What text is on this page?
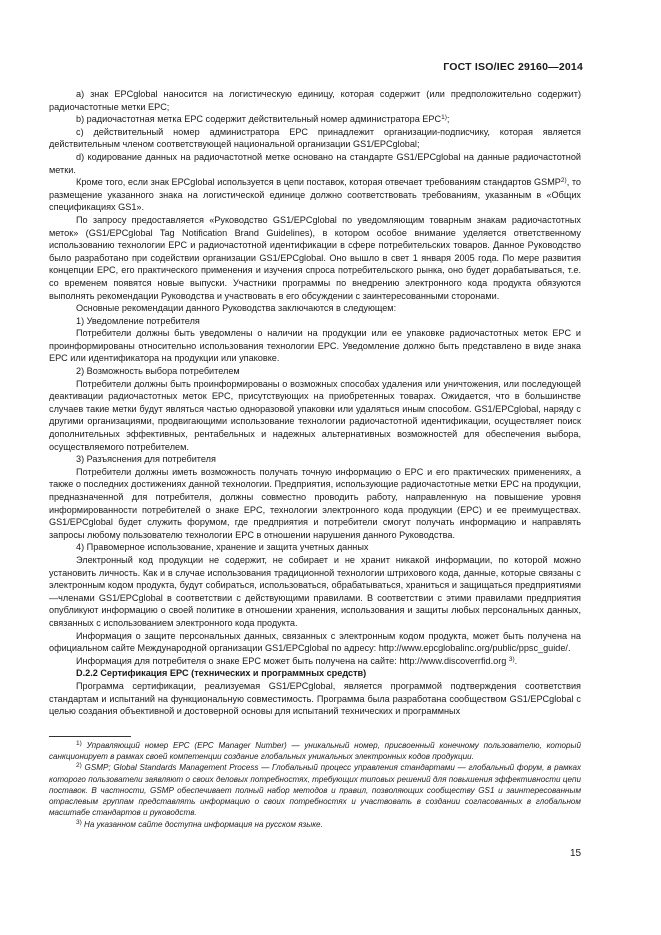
ГОСТ ISO/IEC 29160—2014

a) знак EPCglobal наносится на логистическую единицу, которая содержит (или предположительно содержит) радиочастотные метки EPC;

b) радиочастотная метка EPC содержит действительный номер администратора EPC$^{1)}$;

c) действительный номер администратора EPC принадлежит организации-подписчику, которая является действительным членом соответствующей национальной организации GS1/EPCglobal;

d) кодирование данных на радиочастотной метке основано на стандарте GS1/EPCglobal на данные радиочастотной метки.

Кроме того, если знак EPCglobal используется в цепи поставок, которая отвечает требованиям стандартов GSMP$^{2)}$, то размещение указанного знака на логистической единице должно соответствовать требованиям, указанным в «Общих спецификациях GS1».

По запросу предоставляется «Руководство GS1/EPCglobal по уведомляющим товарным знакам радиочастотных меток» (GS1/EPCglobal Tag Notification Brand Guidelines), в котором особое внимание уделяется ответственному использованию технологии EPC и радиочастотной идентификации в сфере потребительских товаров. Данное Руководство было разработано при содействии организации GS1/EPCglobal. Оно вышло в свет 1 января 2005 года. По мере развития концепции EPC, его практического применения и изучения спроса потребительского рынка, оно будет дорабатываться, т.е. со временем появятся новые выпуски. Участники программы по внедрению электронного кода продукта обязуются выполнять рекомендации Руководства и участвовать в его обсуждении с заинтересованными сторонами.

Основные рекомендации данного Руководства заключаются в следующем:

1) Уведомление потребителя

Потребители должны быть уведомлены о наличии на продукции или ее упаковке радиочастотных меток EPC и проинформированы относительно использования технологии EPC. Уведомление должно быть представлено в виде знака EPC или идентификатора на продукции или упаковке.

2) Возможность выбора потребителем

Потребители должны быть проинформированы о возможных способах удаления или уничтожения, или последующей деактивации радиочастотных меток EPC, присутствующих на приобретенных товарах. Ожидается, что в большинстве случаев такие метки будут являться частью одноразовой упаковки или удаляться иным способом. GS1/EPCglobal, наряду с другими организациями, продвигающими использование технологии радиочастотной идентификации, осуществляет поиск дополнительных эффективных, рентабельных и надежных альтернативных возможностей для обеспечения выбора, осуществляемого потребителем.

3) Разъяснения для потребителя

Потребители должны иметь возможность получать точную информацию о EPC и его практических применениях, а также о последних достижениях данной технологии. Предприятия, использующие радиочастотные метки EPC на продукции, предназначенной для потребителя, должны совместно проводить работу, направленную на повышение уровня информированности потребителей о знаке EPC, технологии электронного кода продукции (EPC) и ее преимуществах. GS1/EPCglobal будет служить форумом, где предприятия и потребители смогут получать информацию и направлять запросы любому пользователю технологии EPC в отношении нарушения данного Руководства.

4) Правомерное использование, хранение и защита учетных данных

Электронный код продукции не содержит, не собирает и не хранит никакой информации, по которой можно установить личность. Как и в случае использования традиционной технологии штрихового кода, данные, которые связаны с электронным кодом продукта, будут собираться, использоваться, обрабатываться, храниться и защищаться предприятиями—членами GS1/EPCglobal в соответствии с действующими правилами. В соответствии с этими правилами предприятия опубликуют информацию о своей политике в отношении хранения, использования и защиты любых персональных данных, связанных с использованием электронного кода продукта.

Информация о защите персональных данных, связанных с электронным кодом продукта, может быть получена на официальном сайте Международной организации GS1/EPCglobal по адресу: http://www.epcglobalinc.org/public/ppsc_guide/.

Информация для потребителя о знаке EPC может быть получена на сайте: http://www.discoverrfid.org $^{3)}$.

D.2.2 Сертификация EPC (технических и программных средств)

Программа сертификации, реализуемая GS1/EPCglobal, является программой подтверждения соответствия стандартам и испытаний на функциональную совместимость. Программа была разработана сообществом GS1/EPCglobal с целью создания объективной и достоверной основы для испытаний технических и программных

$^{1)}$ Управляющий номер EPC (EPC Manager Number) — уникальный номер, присвоенный конечному пользователю, который санкционирует в рамках своей компетенции создание глобальных уникальных электронных кодов продукции.

$^{2)}$ GSMP; Global Standards Management Process — Глобальный процесс управления стандартами — глобальный форум, в рамках которого пользователи заявляют о своих деловых потребностях, требующих типовых решений для повышения эффективности цепи поставок. В частности, GSMP обеспечивает полный набор методов и правил, позволяющих сообществу GS1 и заинтересованным отраслевым группам представлять информацию о своих потребностях и участвовать в создании согласованных в глобальном масштабе стандартов и руководств.

$^{3)}$ На указанном сайте доступна информация на русском языке.

15
